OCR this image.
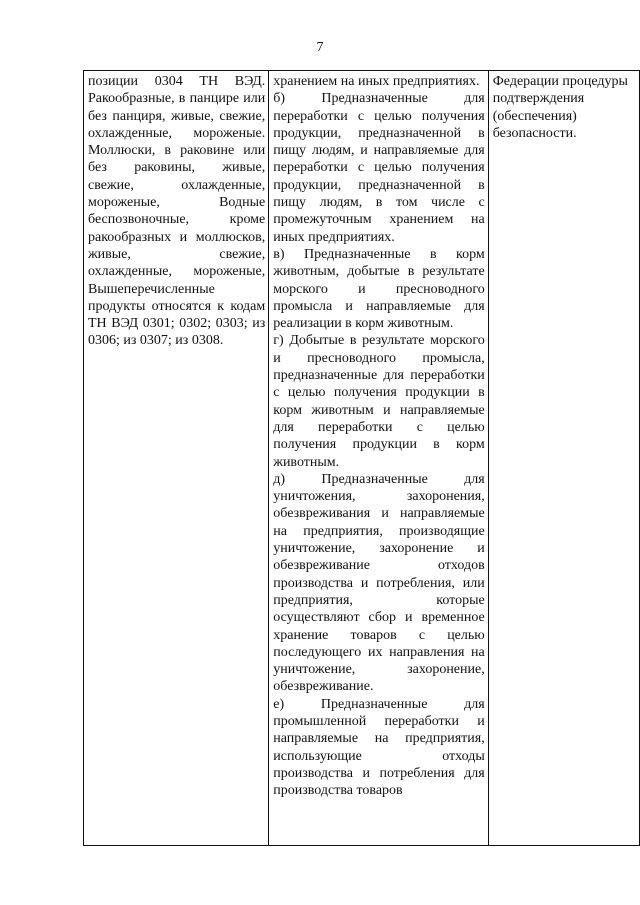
7
позиции 0304 ТН ВЭД. Ракообразные, в панцире или без панциря, живые, свежие, охлажденные, мороженые. Моллюски, в раковине или без раковины, живые, свежие, охлажденные, мороженые, Водные беспозвоночные, кроме ракообразных и моллюсков, живые, свежие, охлажденные, мороженые, Вышеперечисленные продукты относятся к кодам ТН ВЭД 0301; 0302; 0303; из 0306; из 0307; из 0308.

хранением на иных предприятиях.
б) Предназначенные для переработки с целью получения продукции, предназначенной в пищу людям, и направляемые для переработки с целью получения продукции, предназначенной в пищу людям, в том числе с промежуточным хранением на иных предприятиях.
в) Предназначенные в корм животным, добытые в результате морского и пресноводного промысла и направляемые для реализации в корм животным.
г) Добытые в результате морского и пресноводного промысла, предназначенные для переработки с целью получения продукции в корм животным и направляемые для переработки с целью получения продукции в корм животным.
д) Предназначенные для уничтожения, захоронения, обезвреживания и направляемые на предприятия, производящие уничтожение, захоронение и обезвреживание отходов производства и потребления, или предприятия, которые осуществляют сбор и временное хранение товаров с целью последующего их направления на уничтожение, захоронение, обезвреживание.
е) Предназначенные для промышленной переработки и направляемые на предприятия, использующие отходы производства и потребления для производства товаров

Федерации процедуры подтверждения (обеспечения) безопасности.
